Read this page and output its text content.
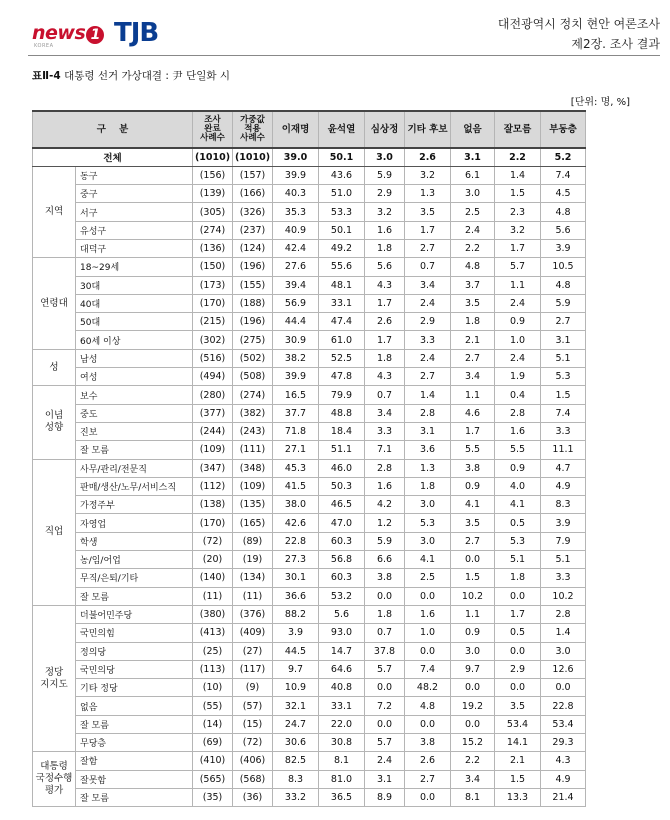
news 1
KOREA TJB	대전광역시 정치 현안 여론조사
제2장. 조사 결과
표Ⅱ-4 대통령 선거 가상대결 : 尹 단일화 시
[단위: 명, %]
구    분		조사
완료
사례수	가중값
적용
사례수	이재명	윤석열	심상정	기타 후보	없음	잘모름	부동층
전체		(1010)	(1010)	39.0	50.1	3.0	2.6	3.1	2.2	5.2
지역	동구	(156)	(157)	39.9	43.6	5.9	3.2	6.1	1.4	7.4
	중구	(139)	(166)	40.3	51.0	2.9	1.3	3.0	1.5	4.5
	서구	(305)	(326)	35.3	53.3	3.2	3.5	2.5	2.3	4.8
	유성구	(274)	(237)	40.9	50.1	1.6	1.7	2.4	3.2	5.6
	대덕구	(136)	(124)	42.4	49.2	1.8	2.7	2.2	1.7	3.9
연령대	18~29세	(150)	(196)	27.6	55.6	5.6	0.7	4.8	5.7	10.5
	30대	(173)	(155)	39.4	48.1	4.3	3.4	3.7	1.1	4.8
	40대	(170)	(188)	56.9	33.1	1.7	2.4	3.5	2.4	5.9
	50대	(215)	(196)	44.4	47.4	2.6	2.9	1.8	0.9	2.7
	60세 이상	(302)	(275)	30.9	61.0	1.7	3.3	2.1	1.0	3.1
성	남성	(516)	(502)	38.2	52.5	1.8	2.4	2.7	2.4	5.1
	여성	(494)	(508)	39.9	47.8	4.3	2.7	3.4	1.9	5.3
이념
성향	보수	(280)	(274)	16.5	79.9	0.7	1.4	1.1	0.4	1.5
	중도	(377)	(382)	37.7	48.8	3.4	2.8	4.6	2.8	7.4
	진보	(244)	(243)	71.8	18.4	3.3	3.1	1.7	1.6	3.3
	잘 모름	(109)	(111)	27.1	51.1	7.1	3.6	5.5	5.5	11.1
직업	사무/관리/전문직	(347)	(348)	45.3	46.0	2.8	1.3	3.8	0.9	4.7
	판매/생산/노무/서비스직	(112)	(109)	41.5	50.3	1.6	1.8	0.9	4.0	4.9
	가정주부	(138)	(135)	38.0	46.5	4.2	3.0	4.1	4.1	8.3
	자영업	(170)	(165)	42.6	47.0	1.2	5.3	3.5	0.5	3.9
	학생	(72)	(89)	22.8	60.3	5.9	3.0	2.7	5.3	7.9
	농/임/어업	(20)	(19)	27.3	56.8	6.6	4.1	0.0	5.1	5.1
	무직/은퇴/기타	(140)	(134)	30.1	60.3	3.8	2.5	1.5	1.8	3.3
	잘 모름	(11)	(11)	36.6	53.2	0.0	0.0	10.2	0.0	10.2
정당
지지도	더불어민주당	(380)	(376)	88.2	5.6	1.8	1.6	1.1	1.7	2.8
	국민의힘	(413)	(409)	3.9	93.0	0.7	1.0	0.9	0.5	1.4
	정의당	(25)	(27)	44.5	14.7	37.8	0.0	3.0	0.0	3.0
	국민의당	(113)	(117)	9.7	64.6	5.7	7.4	9.7	2.9	12.6
	기타 정당	(10)	(9)	10.9	40.8	0.0	48.2	0.0	0.0	0.0
	없음	(55)	(57)	32.1	33.1	7.2	4.8	19.2	3.5	22.8
	잘 모름	(14)	(15)	24.7	22.0	0.0	0.0	0.0	53.4	53.4
	무당층	(69)	(72)	30.6	30.8	5.7	3.8	15.2	14.1	29.3
대통령
국정수행
평가	잘함	(410)	(406)	82.5	8.1	2.4	2.6	2.2	2.1	4.3
	잘못함	(565)	(568)	8.3	81.0	3.1	2.7	3.4	1.5	4.9
	잘 모름	(35)	(36)	33.2	36.5	8.9	0.0	8.1	13.3	21.4
